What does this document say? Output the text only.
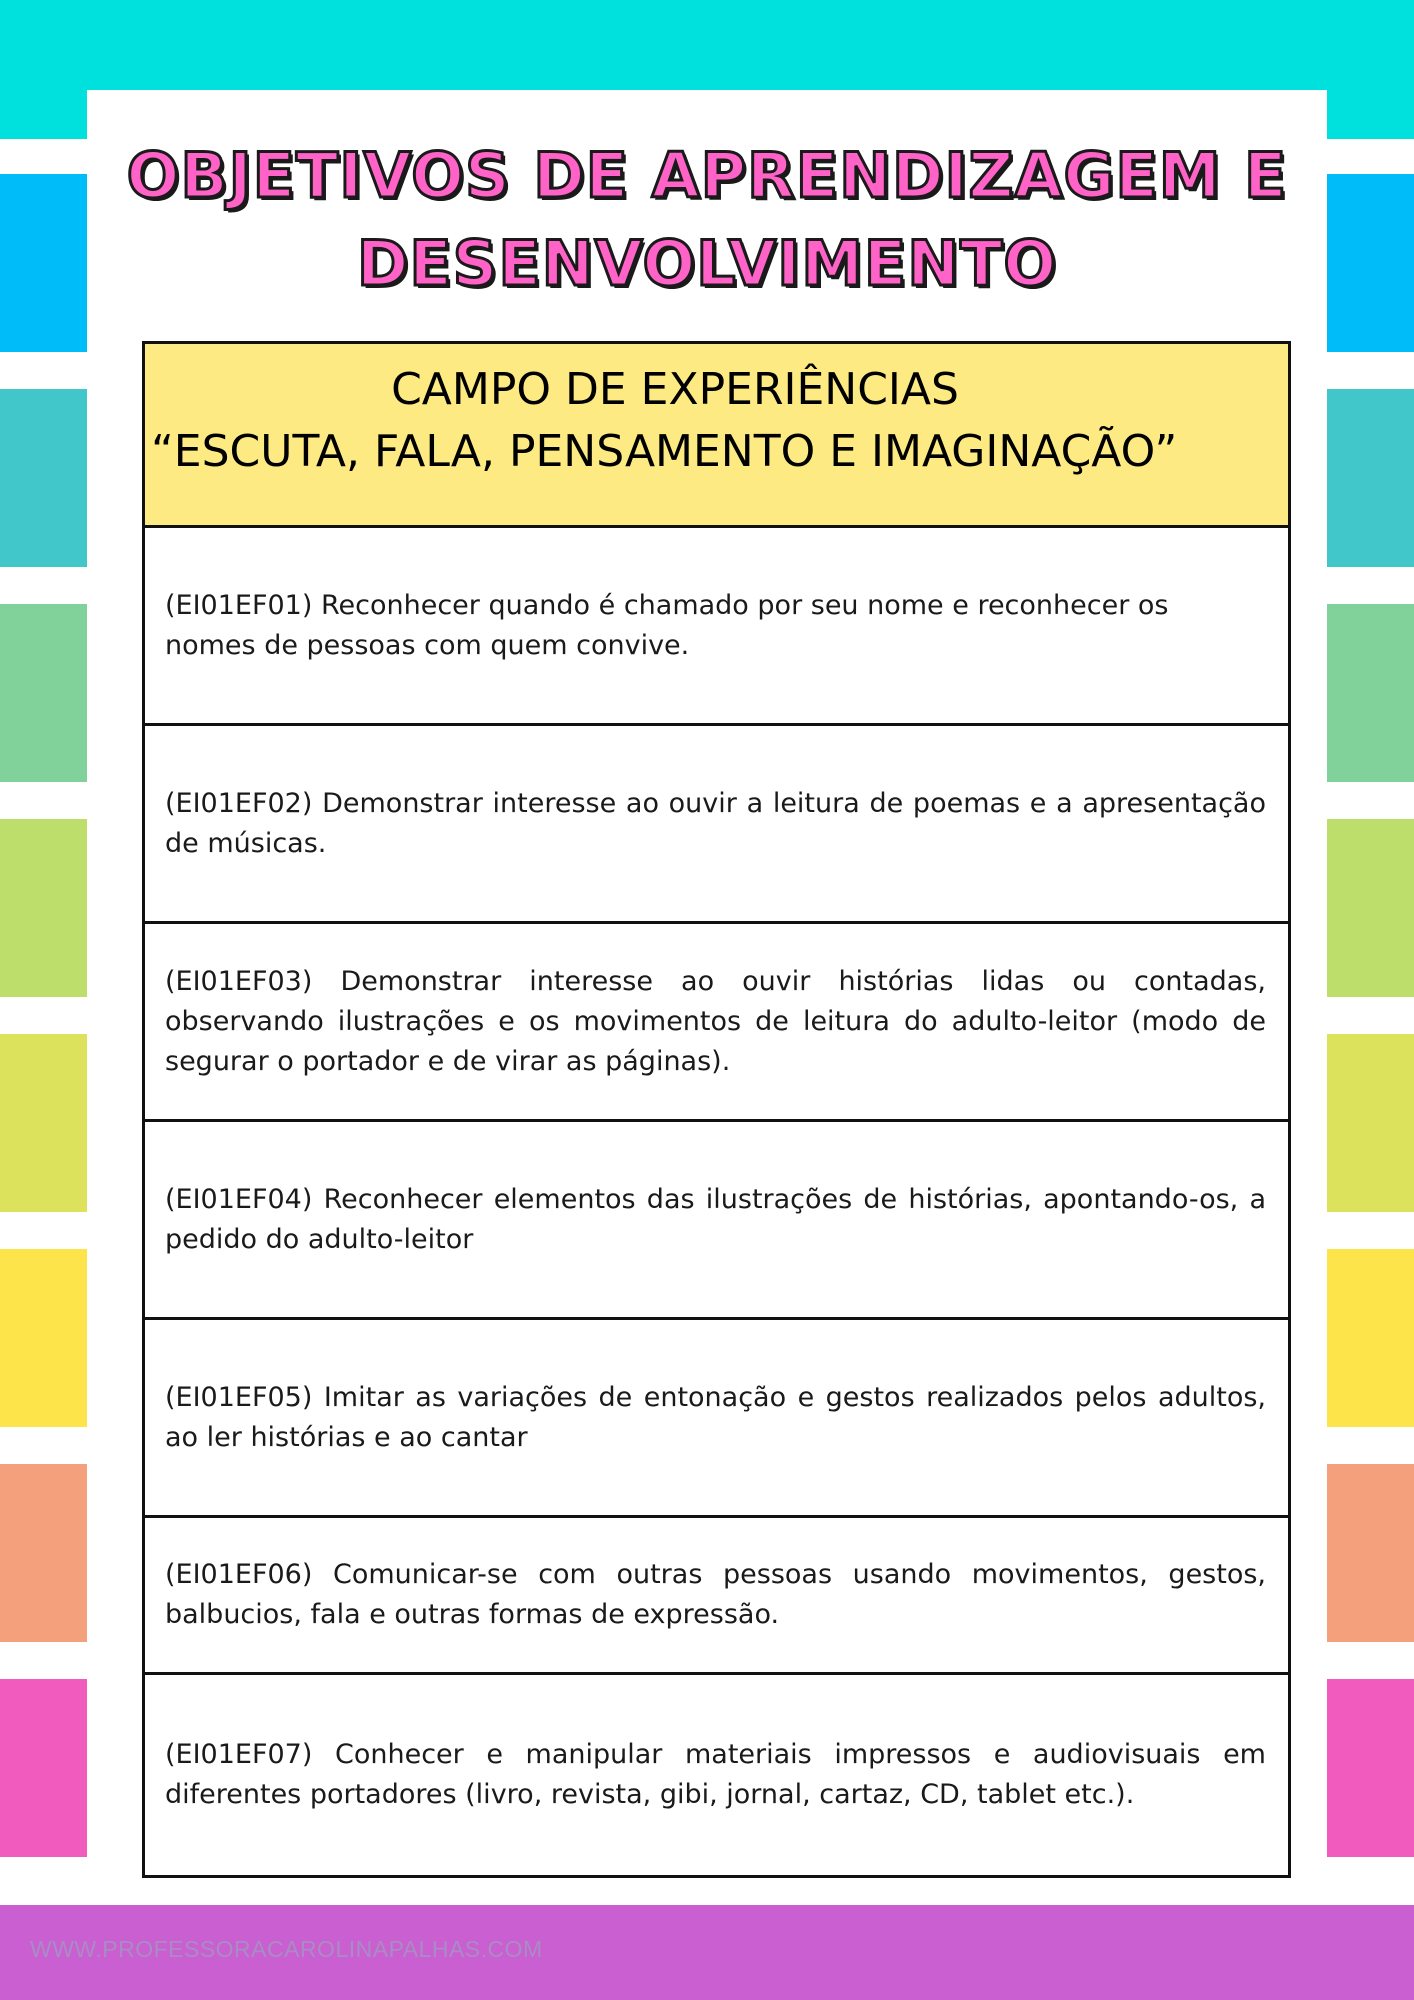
OBJETIVOS DE APRENDIZAGEM E
DESENVOLVIMENTO
CAMPO DE EXPERIÊNCIAS
“ESCUTA, FALA, PENSAMENTO E IMAGINAÇÃO”

(EI01EF01) Reconhecer quando é chamado por seu nome e reconhecer os nomes de pessoas com quem convive.

(EI01EF02) Demonstrar interesse ao ouvir a leitura de poemas e a apresentação de músicas.

(EI01EF03) Demonstrar interesse ao ouvir histórias lidas ou contadas, observando ilustrações e os movimentos de leitura do adulto-leitor (modo de segurar o portador e de virar as páginas).

(EI01EF04) Reconhecer elementos das ilustrações de histórias, apontando-os, a pedido do adulto-leitor

(EI01EF05) Imitar as variações de entonação e gestos realizados pelos adultos, ao ler histórias e ao cantar

(EI01EF06) Comunicar-se com outras pessoas usando movimentos, gestos, balbucios, fala e outras formas de expressão.

(EI01EF07) Conhecer e manipular materiais impressos e audiovisuais em diferentes portadores (livro, revista, gibi, jornal, cartaz, CD, tablet etc.).

WWW.PROFESSORACAROLINAPALHAS.COM
